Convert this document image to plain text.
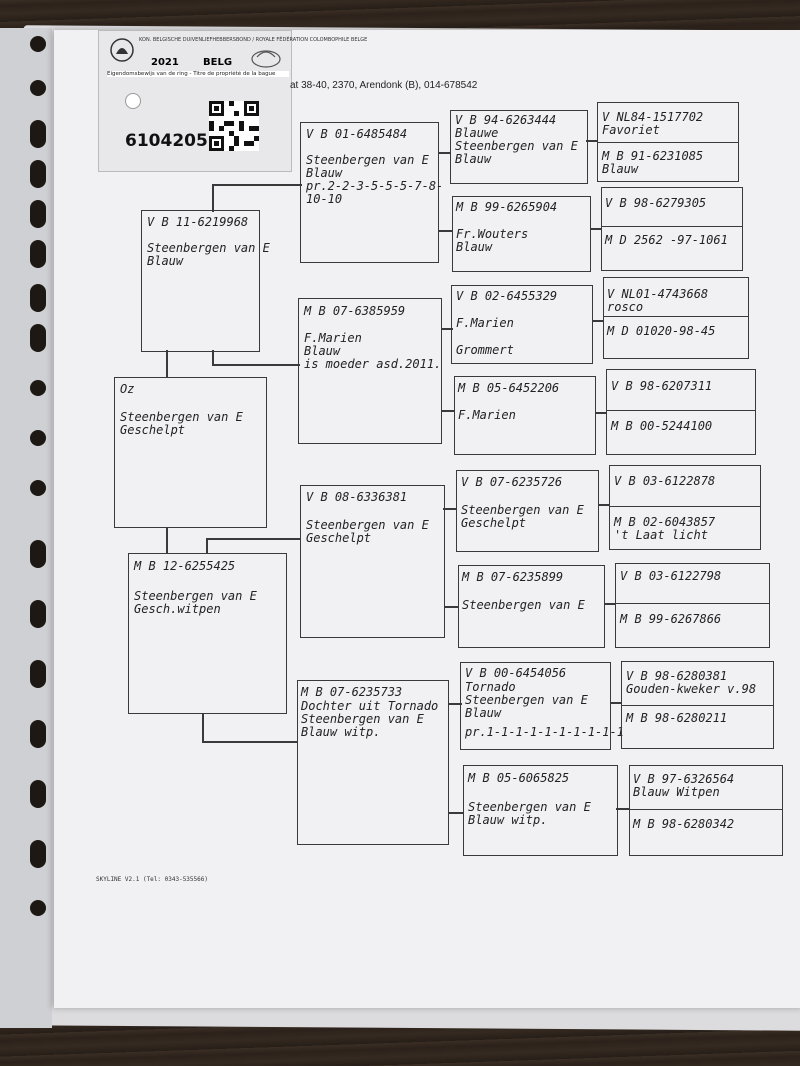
KON. BELGISCHE DUIVENLIEFHEBBERSBOND / ROYALE FÉDÉRATION COLOMBOPHILE BELGE
2021 BELG
Eigendomsbewijs van de ring - Titre de propriété de la bague
6104205
at 38-40, 2370, Arendonk (B), 014-678542
Oz
Steenbergen van E
Geschelpt
V B 11-6219968
Steenbergen van E
Blauw
M B 12-6255425
Steenbergen van E
Gesch.witpen
V B 01-6485484
Steenbergen van E
Blauw
pr.2-2-3-5-5-5-7-8-
10-10
M B 07-6385959
F.Marien
Blauw
is moeder asd.2011.
V B 08-6336381
Steenbergen van E
Geschelpt
M B 07-6235733
Dochter uit Tornado
Steenbergen van E
Blauw witp.
V B 94-6263444
Blauwe
Steenbergen van E
Blauw
M B 99-6265904
Fr.Wouters
Blauw
V B 02-6455329
F.Marien
Grommert
M B 05-6452206
F.Marien
V B 07-6235726
Steenbergen van E
Geschelpt
M B 07-6235899
Steenbergen van E
V B 00-6454056
Tornado
Steenbergen van E
Blauw
pr.1-1-1-1-1-1-1-1-1-1
M B 05-6065825
Steenbergen van E
Blauw witp.
V NL84-1517702
Favoriet
M B 91-6231085
Blauw
V B 98-6279305
M D 2562 -97-1061
V NL01-4743668
rosco
M D 01020-98-45
V B 98-6207311
M B 00-5244100
V B 03-6122878
M B 02-6043857
't Laat licht
V B 03-6122798
M B 99-6267866
V B 98-6280381
Gouden-kweker v.98
M B 98-6280211
V B 97-6326564
Blauw Witpen
M B 98-6280342
SKYLINE V2.1 (Tel: 0343-535566)
